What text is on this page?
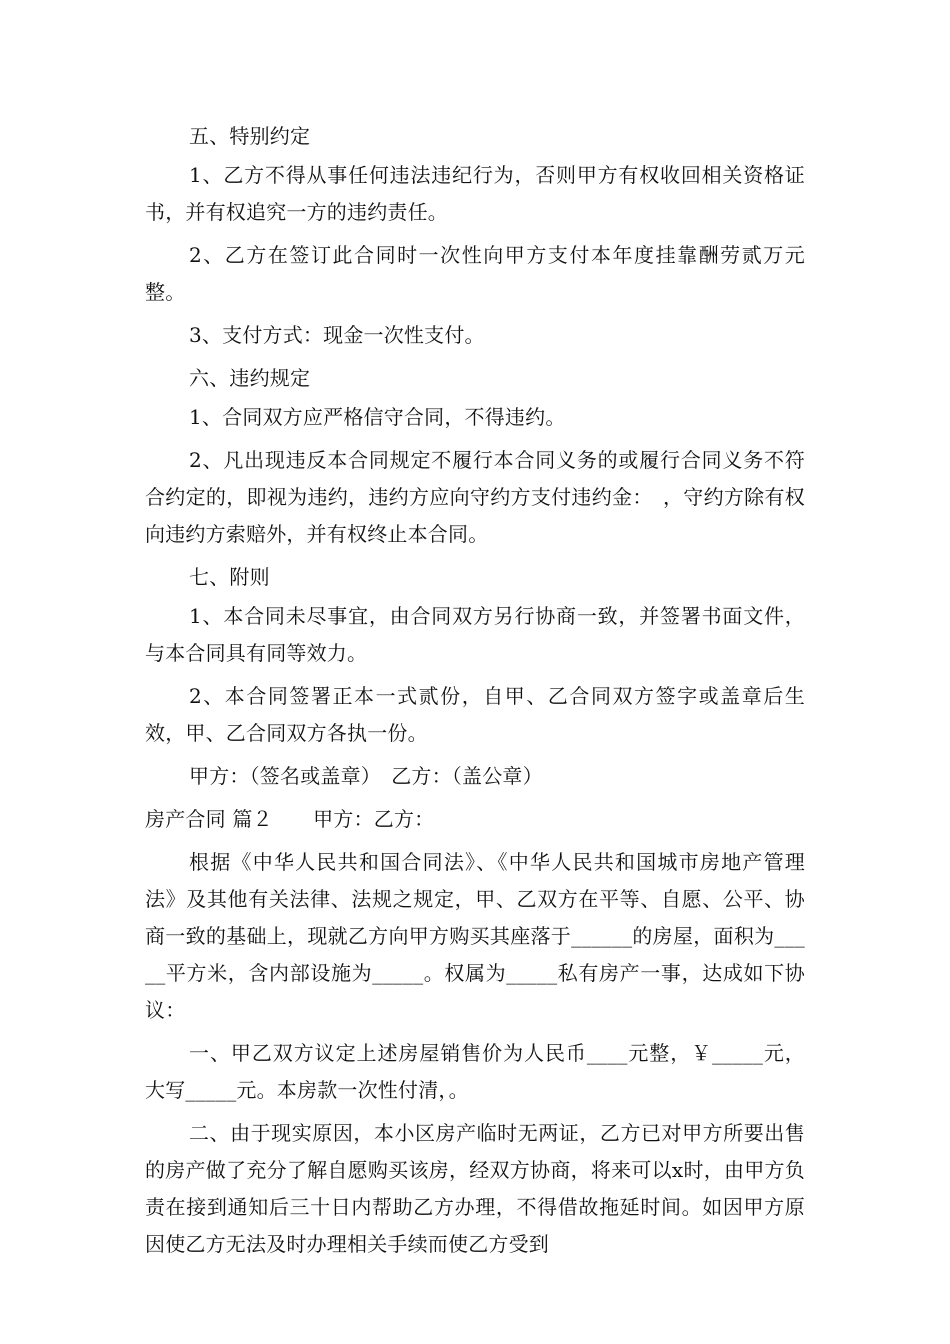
五、特别约定

1、乙方不得从事任何违法违纪行为，否则甲方有权收回相关资格证书，并有权追究一方的违约责任。

2、乙方在签订此合同时一次性向甲方支付本年度挂靠酬劳贰万元整。

3、支付方式：现金一次性支付。

六、违约规定

1、合同双方应严格信守合同，不得违约。

2、凡出现违反本合同规定不履行本合同义务的或履行合同义务不符合约定的，即视为违约，违约方应向守约方支付违约金：　，守约方除有权向违约方索赔外，并有权终止本合同。

七、附则

1、本合同未尽事宜，由合同双方另行协商一致，并签署书面文件，与本合同具有同等效力。

2、本合同签署正本一式贰份，自甲、乙合同双方签字或盖章后生效，甲、乙合同双方各执一份。

甲方：（签名或盖章）　乙方：（盖公章）

房产合同 篇２　　甲方：乙方：

根据《中华人民共和国合同法》、《中华人民共和国城市房地产管理法》及其他有关法律、法规之规定，甲、乙双方在平等、自愿、公平、协商一致的基础上，现就乙方向甲方购买其座落于______的房屋，面积为_____平方米，含内部设施为_____。权属为_____私有房产一事，达成如下协议：

一、甲乙双方议定上述房屋销售价为人民币____元整，￥_____元，大写_____元。本房款一次性付清，。

二、由于现实原因，本小区房产临时无两证，乙方已对甲方所要出售的房产做了充分了解自愿购买该房，经双方协商，将来可以x时，由甲方负责在接到通知后三十日内帮助乙方办理，不得借故拖延时间。如因甲方原因使乙方无法及时办理相关手续而使乙方受到
